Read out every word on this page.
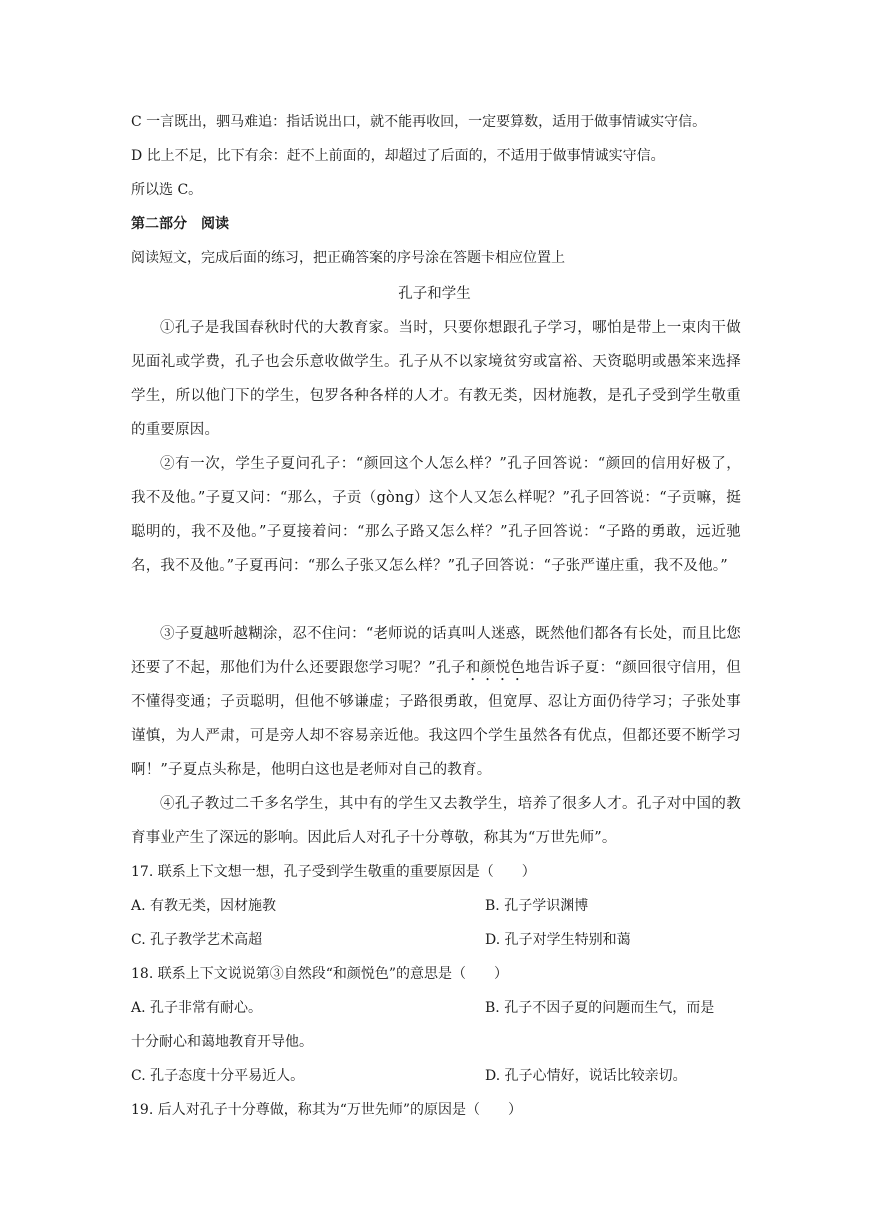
C 一言既出，驷马难追：指话说出口，就不能再收回，一定要算数，适用于做事情诚实守信。
D 比上不足，比下有余：赶不上前面的，却超过了后面的，不适用于做事情诚实守信。
所以选 C。
第二部分　阅读
阅读短文，完成后面的练习，把正确答案的序号涂在答题卡相应位置上
孔子和学生
①孔子是我国春秋时代的大教育家。当时，只要你想跟孔子学习，哪怕是带上一束肉干做见面礼或学费，孔子也会乐意收做学生。孔子从不以家境贫穷或富裕、天资聪明或愚笨来选择学生，所以他门下的学生，包罗各种各样的人才。有教无类，因材施教，是孔子受到学生敬重的重要原因。
②有一次，学生子夏问孔子：“颜回这个人怎么样？”孔子回答说：“颜回的信用好极了，我不及他。”子夏又问：“那么，子贡（gònɡ）这个人又怎么样呢？”孔子回答说：“子贡嘛，挺聪明的，我不及他。”子夏接着问：“那么子路又怎么样？”孔子回答说：“子路的勇敢，远近驰名，我不及他。”子夏再问：“那么子张又怎么样？”孔子回答说：“子张严谨庄重，我不及他。”
③子夏越听越糊涂，忍不住问：“老师说的话真叫人迷惑，既然他们都各有长处，而且比您还要了不起，那他们为什么还要跟您学习呢？”孔子和颜悦色地告诉子夏：“颜回很守信用，但不懂得变通；子贡聪明，但他不够谦虚；子路很勇敢，但宽厚、忍让方面仍待学习；子张处事谨慎，为人严肃，可是旁人却不容易亲近他。我这四个学生虽然各有优点，但都还要不断学习啊！”子夏点头称是，他明白这也是老师对自己的教育。
④孔子教过二千多名学生，其中有的学生又去教学生，培养了很多人才。孔子对中国的教育事业产生了深远的影响。因此后人对孔子十分尊敬，称其为“万世先师”。
17. 联系上下文想一想，孔子受到学生敬重的重要原因是（　　）
A. 有教无类，因材施教	B. 孔子学识渊博
C. 孔子教学艺术高超	D. 孔子对学生特别和蔼
18. 联系上下文说说第③自然段“和颜悦色”的意思是（　　）
A. 孔子非常有耐心。	B. 孔子不因子夏的问题而生气，而是
十分耐心和蔼地教育开导他。
C. 孔子态度十分平易近人。	D. 孔子心情好，说话比较亲切。
19. 后人对孔子十分尊做，称其为“万世先师”的原因是（　　）
